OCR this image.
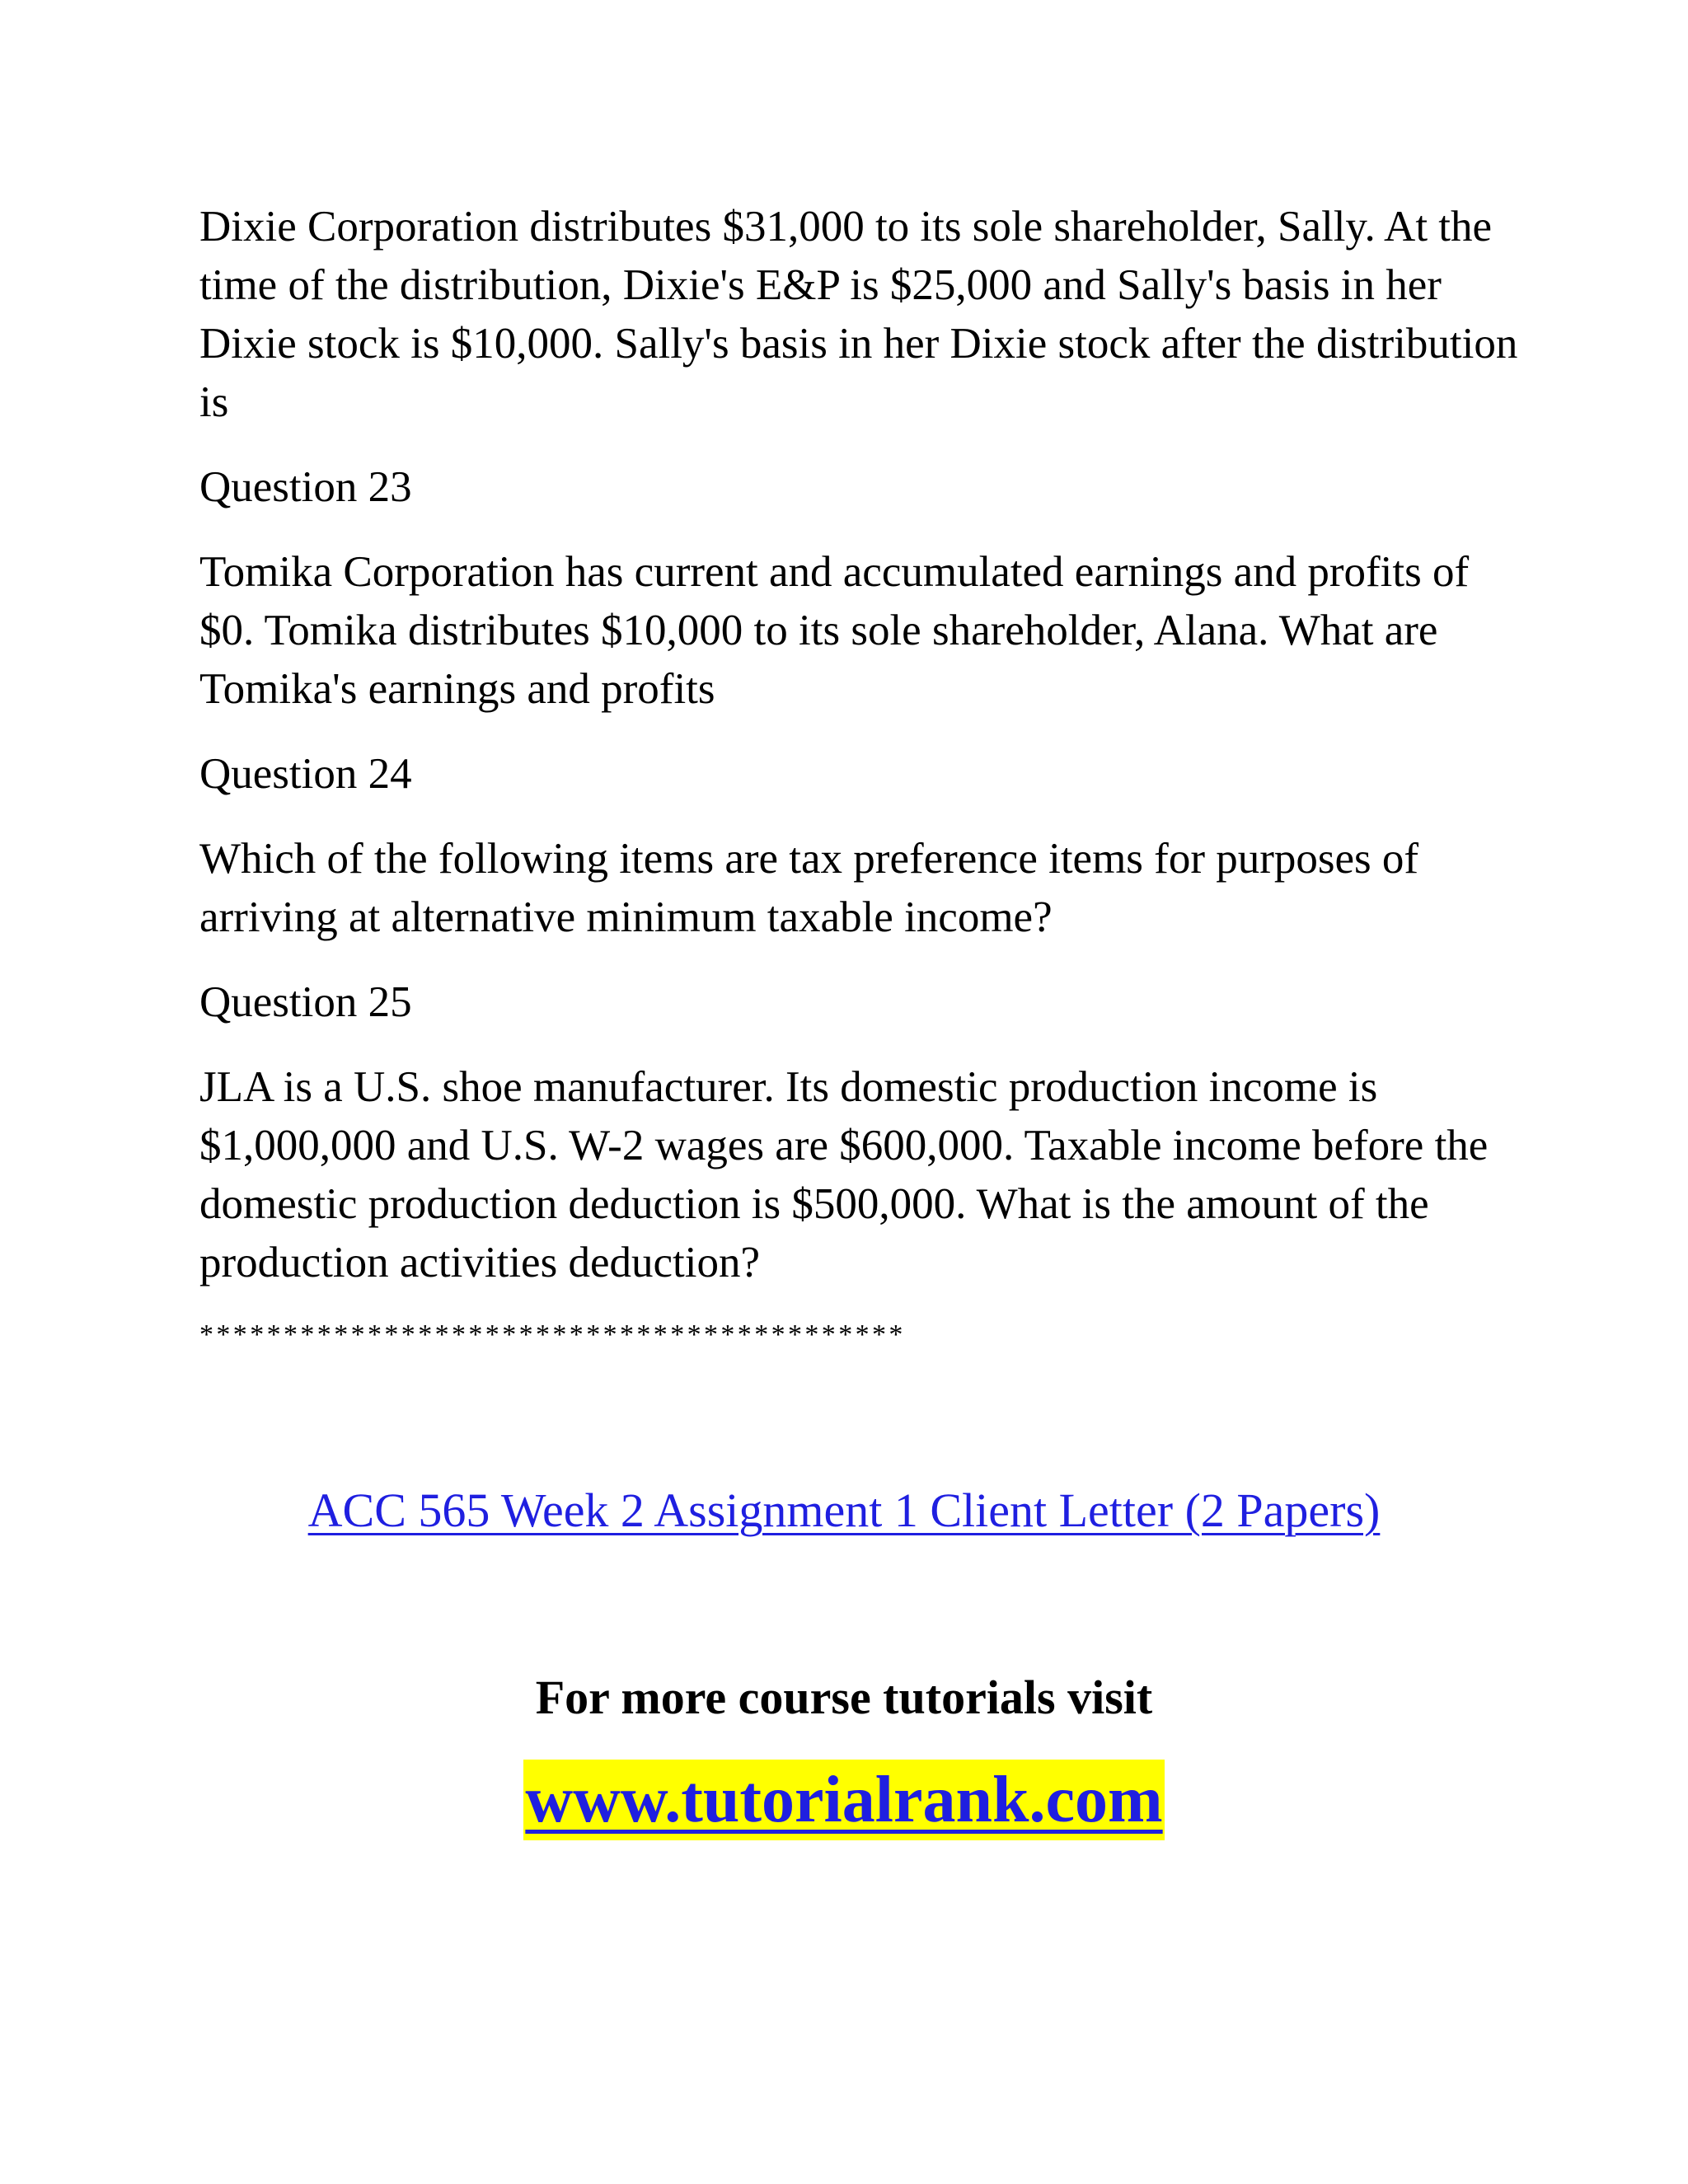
Dixie Corporation distributes $31,000 to its sole shareholder, Sally. At the time of the distribution, Dixie's E&P is $25,000 and Sally's basis in her Dixie stock is $10,000. Sally's basis in her Dixie stock after the distribution is

Question 23

Tomika Corporation has current and accumulated earnings and profits of $0. Tomika distributes $10,000 to its sole shareholder, Alana. What are Tomika's earnings and profits

Question 24

Which of the following items are tax preference items for purposes of arriving at alternative minimum taxable income?

Question 25

JLA is a U.S. shoe manufacturer. Its domestic production income is $1,000,000 and U.S. W-2 wages are $600,000. Taxable income before the domestic production deduction is $500,000. What is the amount of the production activities deduction?

******************************************
ACC 565 Week 2 Assignment 1 Client Letter (2 Papers)
For more course tutorials visit
www.tutorialrank.com
